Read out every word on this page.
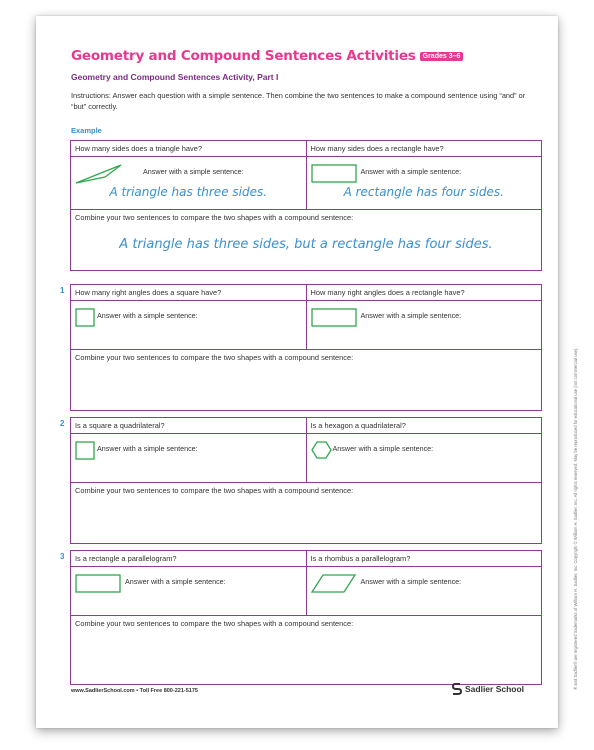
Geometry and Compound Sentences Activities	Grades 3–6
Geometry and Compound Sentences Activity, Part I
Instructions: Answer each question with a simple sentence. Then combine the two sentences to make a compound sentence using “and” or “but” correctly.
Example
How many sides does a triangle have?	How many sides does a rectangle have?
Answer with a simple sentence:
A triangle has three sides.
Answer with a simple sentence:
A rectangle has four sides.
Combine your two sentences to compare the two shapes with a compound sentence:
A triangle has three sides, but a rectangle has four sides.
1	How many right angles does a square have?	How many right angles does a rectangle have?
Answer with a simple sentence:	Answer with a simple sentence:
Combine your two sentences to compare the two shapes with a compound sentence:
2	Is a square a quadrilateral?	Is a hexagon a quadrilateral?
Answer with a simple sentence:	Answer with a simple sentence:
Combine your two sentences to compare the two shapes with a compound sentence:
3	Is a rectangle a parallelogram?	Is a rhombus a parallelogram?
Answer with a simple sentence:	Answer with a simple sentence:
Combine your two sentences to compare the two shapes with a compound sentence:	® and Sadlier® are registered trademarks of William H. Sadlier, Inc. Copyright © William H. Sadlier, Inc. All rights reserved. May be reproduced for educational use (not commercial use).
www.SadlierSchool.com • Toll Free 800-221-5175	Sadlier School
